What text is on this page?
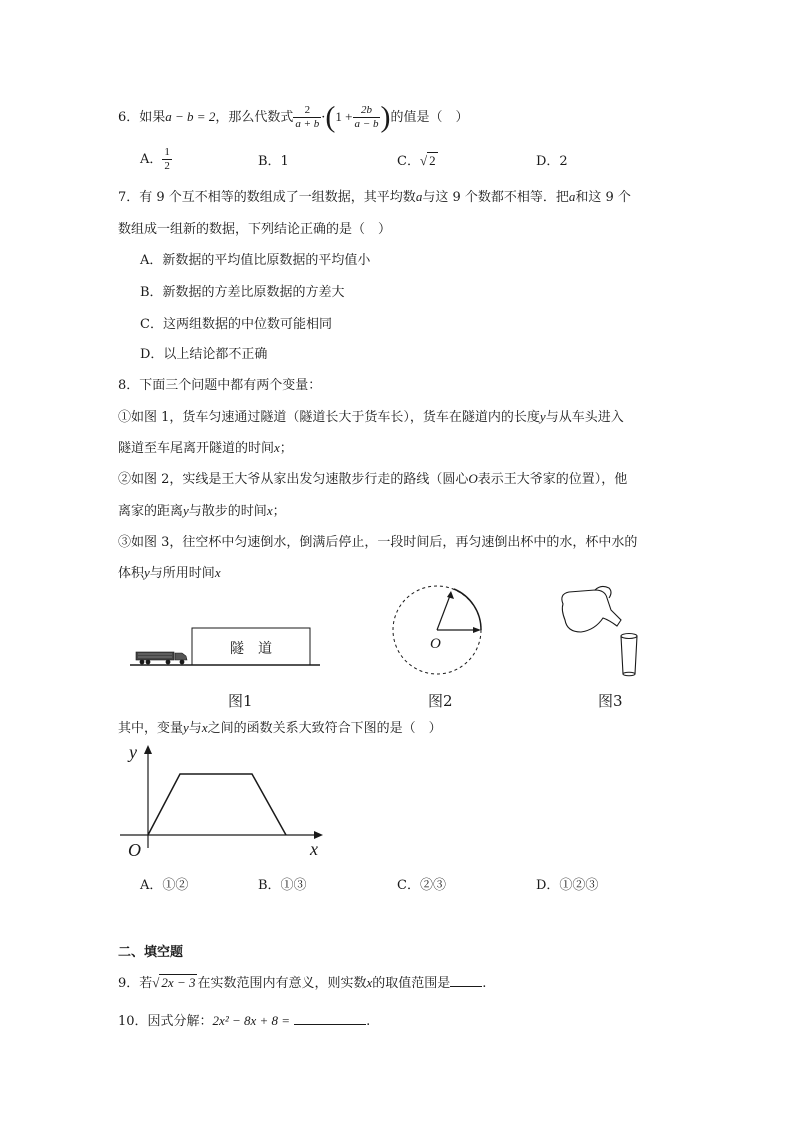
6．如果a − b = 2，那么代数式 $\frac{2}{a + b} \cdot(1 + \frac{2b}{a - b}$ )的值是（　）
A． $\frac{1}{2}$	B．1	C．√ 2	D．2
7．有 9 个互不相等的数组成了一组数据，其平均数a与这 9 个数都不相等．把a和这 9 个
数组成一组新的数据，下列结论正确的是（　）
A．新数据的平均值比原数据的平均值小
B．新数据的方差比原数据的方差大
C．这两组数据的中位数可能相同
D．以上结论都不正确
8．下面三个问题中都有两个变量：
①如图 1，货车匀速通过隧道（隧道长大于货车长），货车在隧道内的长度y与从车头进入
隧道至车尾离开隧道的时间x；
②如图 2，实线是王大爷从家出发匀速散步行走的路线（圆心O表示王大爷家的位置），他
离家的距离y与散步的时间x；
③如图 3，往空杯中匀速倒水，倒满后停止，一段时间后，再匀速倒出杯中的水，杯中水的
体积y与所用时间x
隧　道
图1
O
图2	图3
其中，变量y与x之间的函数关系大致符合下图的是（　）
y
x
O
A．①②	B．①③	C．②③	D．①②③
二、填空题
9．若√ 2x − 3 在实数范围内有意义，则实数x的取值范围是 .
10．因式分解：2x² − 8x + 8 =	.
